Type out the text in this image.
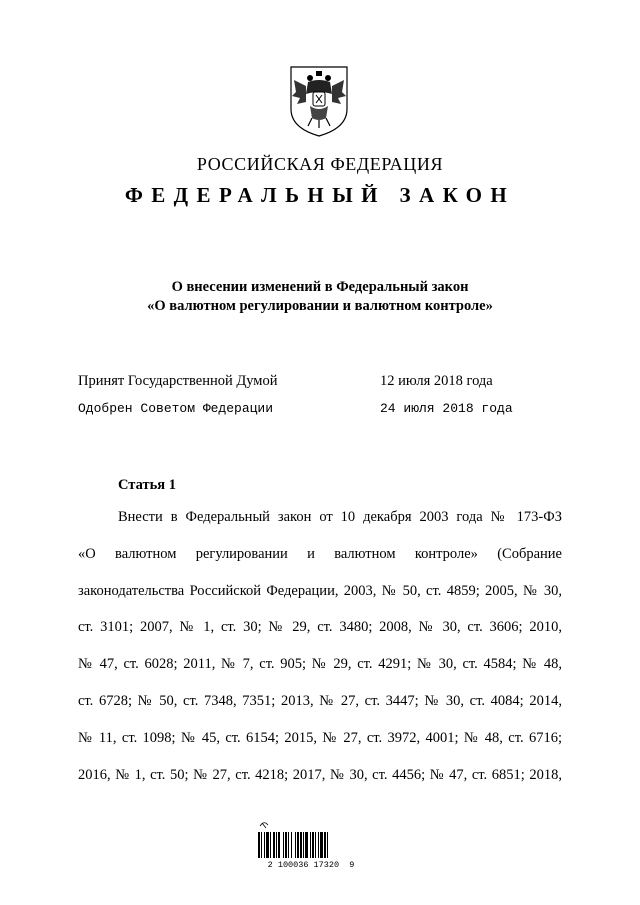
РОССИЙСКАЯ ФЕДЕРАЦИЯ
ФЕДЕРАЛЬНЫЙ ЗАКОН
О внесении изменений в Федеральный закон
«О валютном регулировании и валютном контроле»
Принят Государственной Думой	12 июля 2018 года
Одобрен Советом Федерации	24 июля 2018 года
Статья 1
Внести в Федеральный закон от 10 декабря 2003 года № 173-ФЗ
«О валютном регулировании и валютном контроле» (Собрание
законодательства Российской Федерации, 2003, № 50, ст. 4859; 2005, № 30,
ст. 3101; 2007, № 1, ст. 30; № 29, ст. 3480; 2008, № 30, ст. 3606; 2010,
№ 47, ст. 6028; 2011, № 7, ст. 905; № 29, ст. 4291; № 30, ст. 4584; № 48,
ст. 6728; № 50, ст. 7348, 7351; 2013, № 27, ст. 3447; № 30, ст. 4084; 2014,
№ 11, ст. 1098; № 45, ст. 6154; 2015, № 27, ст. 3972, 4001; № 48, ст. 6716;
2016, № 1, ст. 50; № 27, ст. 4218; 2017, № 30, ст. 4456; № 47, ст. 6851; 2018,
2 100036 17320  9
